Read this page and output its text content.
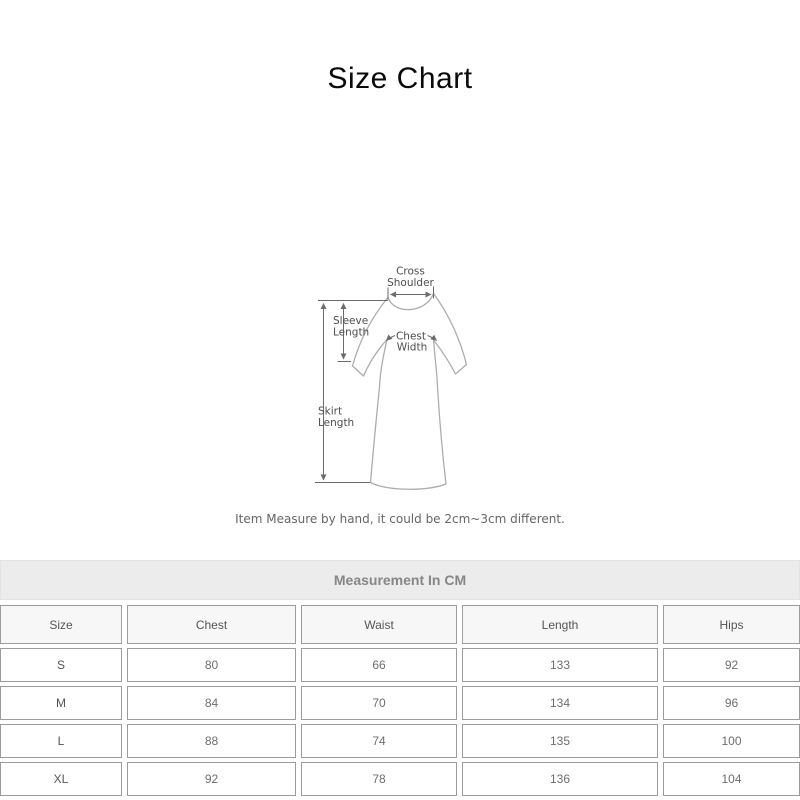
Size Chart
Cross
Shoulder
Sleeve
Length	Chest
Width
Skirt
Length

Item Measure by hand, it could be 2cm~3cm different.

Measurement In CM
Size	Chest	Waist	Length	Hips
S	80	66	133	92
M	84	70	134	96
L	88	74	135	100
XL	92	78	136	104
